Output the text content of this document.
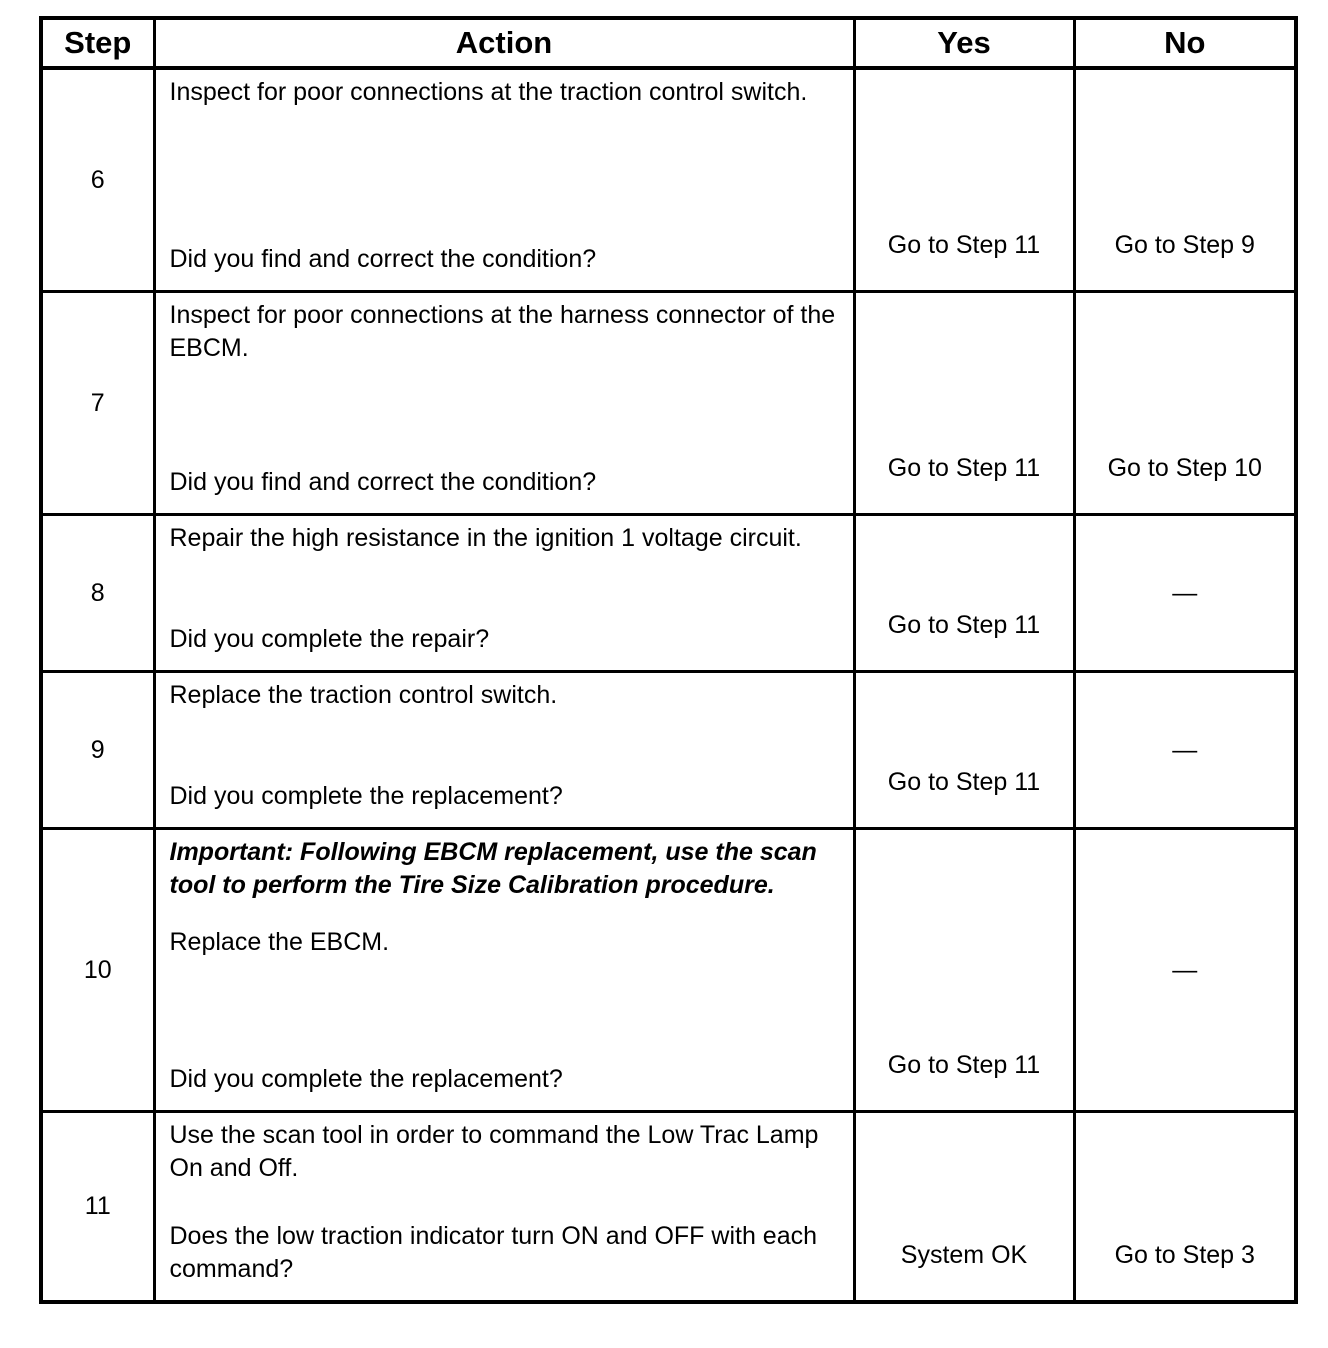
Step	Action	Yes	No
6	Inspect for poor connections at the traction control switch.

Did you find and correct the condition?	Go to Step 11	Go to Step 9

7	Inspect for poor connections at the harness connector of the EBCM.

Did you find and correct the condition?	Go to Step 11	Go to Step 10

8	Repair the high resistance in the ignition 1 voltage circuit.

Did you complete the repair?	Go to Step 11	—

9	Replace the traction control switch.

Did you complete the replacement?	Go to Step 11	—

10	Important: Following EBCM replacement, use the scan tool to perform the Tire Size Calibration procedure.

Replace the EBCM.

Did you complete the replacement?	Go to Step 11	—

11	Use the scan tool in order to command the Low Trac Lamp On and Off.

Does the low traction indicator turn ON and OFF with each command?	System OK	Go to Step 3
